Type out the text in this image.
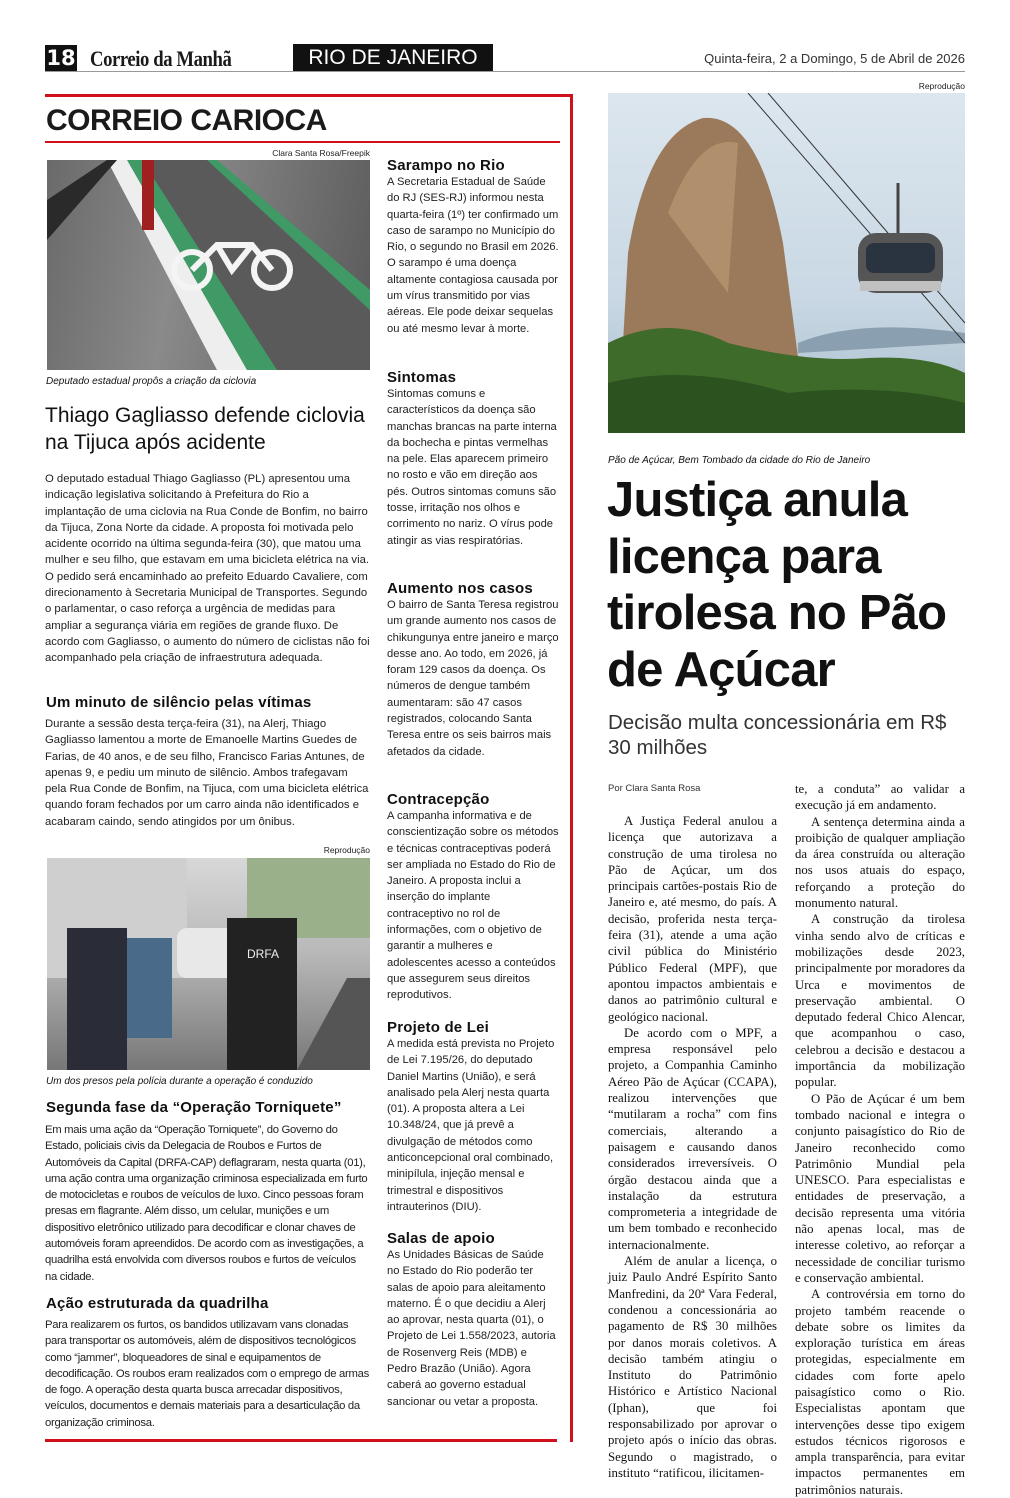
18 Correio da Manhã	RIO DE JANEIRO	Quinta-feira, 2 a Domingo, 5 de Abril de 2026
CORREIO CARIOCA
Clara Santa Rosa/Freepik
Deputado estadual propôs a criação da ciclovia
Thiago Gagliasso defende ciclovia na Tijuca após acidente
O deputado estadual Thiago Gagliasso (PL) apresentou uma indicação legislativa solicitando à Prefeitura do Rio a implantação de uma ciclovia na Rua Conde de Bonfim, no bairro da Tijuca, Zona Norte da cidade. A proposta foi motivada pelo acidente ocorrido na última segunda-feira (30), que matou uma mulher e seu filho, que estavam em uma bicicleta elétrica na via. O pedido será encaminhado ao prefeito Eduardo Cavaliere, com direcionamento à Secretaria Municipal de Transportes. Segundo o parlamentar, o caso reforça a urgência de medidas para ampliar a segurança viária em regiões de grande fluxo. De acordo com Gagliasso, o aumento do número de ciclistas não foi acompanhado pela criação de infraestrutura adequada.
Um minuto de silêncio pelas vítimas
Durante a sessão desta terça-feira (31), na Alerj, Thiago Gagliasso lamentou a morte de Emanoelle Martins Guedes de Farias, de 40 anos, e de seu filho, Francisco Farias Antunes, de apenas 9, e pediu um minuto de silêncio. Ambos trafegavam pela Rua Conde de Bonfim, na Tijuca, com uma bicicleta elétrica quando foram fechados por um carro ainda não identificados e acabaram caindo, sendo atingidos por um ônibus.
Reprodução
DRFA
Um dos presos pela polícia durante a operação é conduzido
Segunda fase da “Operação Torniquete”
Em mais uma ação da “Operação Torniquete”, do Governo do Estado, policiais civis da Delegacia de Roubos e Furtos de Automóveis da Capital (DRFA-CAP) deflagraram, nesta quarta (01), uma ação contra uma organização criminosa especializada em furto de motocicletas e roubos de veículos de luxo. Cinco pessoas foram presas em flagrante. Além disso, um celular, munições e um dispositivo eletrônico utilizado para decodificar e clonar chaves de automóveis foram apreendidos. De acordo com as investigações, a quadrilha está envolvida com diversos roubos e furtos de veículos na cidade.
Ação estruturada da quadrilha
Para realizarem os furtos, os bandidos utilizavam vans clonadas para transportar os automóveis, além de dispositivos tecnológicos como “jammer”, bloqueadores de sinal e equipamentos de decodificação. Os roubos eram realizados com o emprego de armas de fogo. A operação desta quarta busca arrecadar dispositivos, veículos, documentos e demais materiais para a desarticulação da organização criminosa.
Sarampo no Rio
A Secretaria Estadual de Saúde do RJ (SES-RJ) informou nesta quarta-feira (1º) ter confirmado um caso de sarampo no Município do Rio, o segundo no Brasil em 2026. O sarampo é uma doença altamente contagiosa causada por um vírus transmitido por vias aéreas. Ele pode deixar sequelas ou até mesmo levar à morte.
Sintomas
Sintomas comuns e característicos da doença são manchas brancas na parte interna da bochecha e pintas vermelhas na pele. Elas aparecem primeiro no rosto e vão em direção aos pés. Outros sintomas comuns são tosse, irritação nos olhos e corrimento no nariz. O vírus pode atingir as vias respiratórias.
Aumento nos casos
O bairro de Santa Teresa registrou um grande aumento nos casos de chikungunya entre janeiro e março desse ano. Ao todo, em 2026, já foram 129 casos da doença. Os números de dengue também aumentaram: são 47 casos registrados, colocando Santa Teresa entre os seis bairros mais afetados da cidade.
Contracepção
A campanha informativa e de conscientização sobre os métodos e técnicas contraceptivas poderá ser ampliada no Estado do Rio de Janeiro. A proposta inclui a inserção do implante contraceptivo no rol de informações, com o objetivo de garantir a mulheres e adolescentes acesso a conteúdos que assegurem seus direitos reprodutivos.
Projeto de Lei
A medida está prevista no Projeto de Lei 7.195/26, do deputado Daniel Martins (União), e será analisado pela Alerj nesta quarta (01). A proposta altera a Lei 10.348/24, que já prevê a divulgação de métodos como anticoncepcional oral combinado, minipílula, injeção mensal e trimestral e dispositivos intrauterinos (DIU).
Salas de apoio
As Unidades Básicas de Saúde no Estado do Rio poderão ter salas de apoio para aleitamento materno. É o que decidiu a Alerj ao aprovar, nesta quarta (01), o Projeto de Lei 1.558/2023, autoria de Rosenverg Reis (MDB) e Pedro Brazão (União). Agora caberá ao governo estadual sancionar ou vetar a proposta.
Reprodução
Pão de Açúcar, Bem Tombado da cidade do Rio de Janeiro
Justiça anula licença para tirolesa no Pão de Açúcar
Decisão multa concessionária em R$ 30 milhões
Por Clara Santa Rosa

A Justiça Federal anulou a licença que autorizava a construção de uma tirolesa no Pão de Açúcar, um dos principais cartões-postais Rio de Janeiro e, até mesmo, do país. A decisão, proferida nesta terça-feira (31), atende a uma ação civil pública do Ministério Público Federal (MPF), que apontou impactos ambientais e danos ao patrimônio cultural e geológico nacional.

De acordo com o MPF, a empresa responsável pelo projeto, a Companhia Caminho Aéreo Pão de Açúcar (CCAPA), realizou intervenções que “mutilaram a rocha” com fins comerciais, alterando a paisagem e causando danos considerados irreversíveis. O órgão destacou ainda que a instalação da estrutura comprometeria a integridade de um bem tombado e reconhecido internacionalmente.

Além de anular a licença, o juiz Paulo André Espírito Santo Manfredini, da 20ª Vara Federal, condenou a concessionária ao pagamento de R$ 30 milhões por danos morais coletivos. A decisão também atingiu o Instituto do Patrimônio Histórico e Artístico Nacional (Iphan), que foi responsabilizado por aprovar o projeto após o início das obras. Segundo o magistrado, o instituto “ratificou, ilicitamen-

te, a conduta” ao validar a execução já em andamento.

A sentença determina ainda a proibição de qualquer ampliação da área construída ou alteração nos usos atuais do espaço, reforçando a proteção do monumento natural.

A construção da tirolesa vinha sendo alvo de críticas e mobilizações desde 2023, principalmente por moradores da Urca e movimentos de preservação ambiental. O deputado federal Chico Alencar, que acompanhou o caso, celebrou a decisão e destacou a importância da mobilização popular.

O Pão de Açúcar é um bem tombado nacional e integra o conjunto paisagístico do Rio de Janeiro reconhecido como Patrimônio Mundial pela UNESCO. Para especialistas e entidades de preservação, a decisão representa uma vitória não apenas local, mas de interesse coletivo, ao reforçar a necessidade de conciliar turismo e conservação ambiental.

A controvérsia em torno do projeto também reacende o debate sobre os limites da exploração turística em áreas protegidas, especialmente em cidades com forte apelo paisagístico como o Rio. Especialistas apontam que intervenções desse tipo exigem estudos técnicos rigorosos e ampla transparência, para evitar impactos permanentes em patrimônios naturais.
